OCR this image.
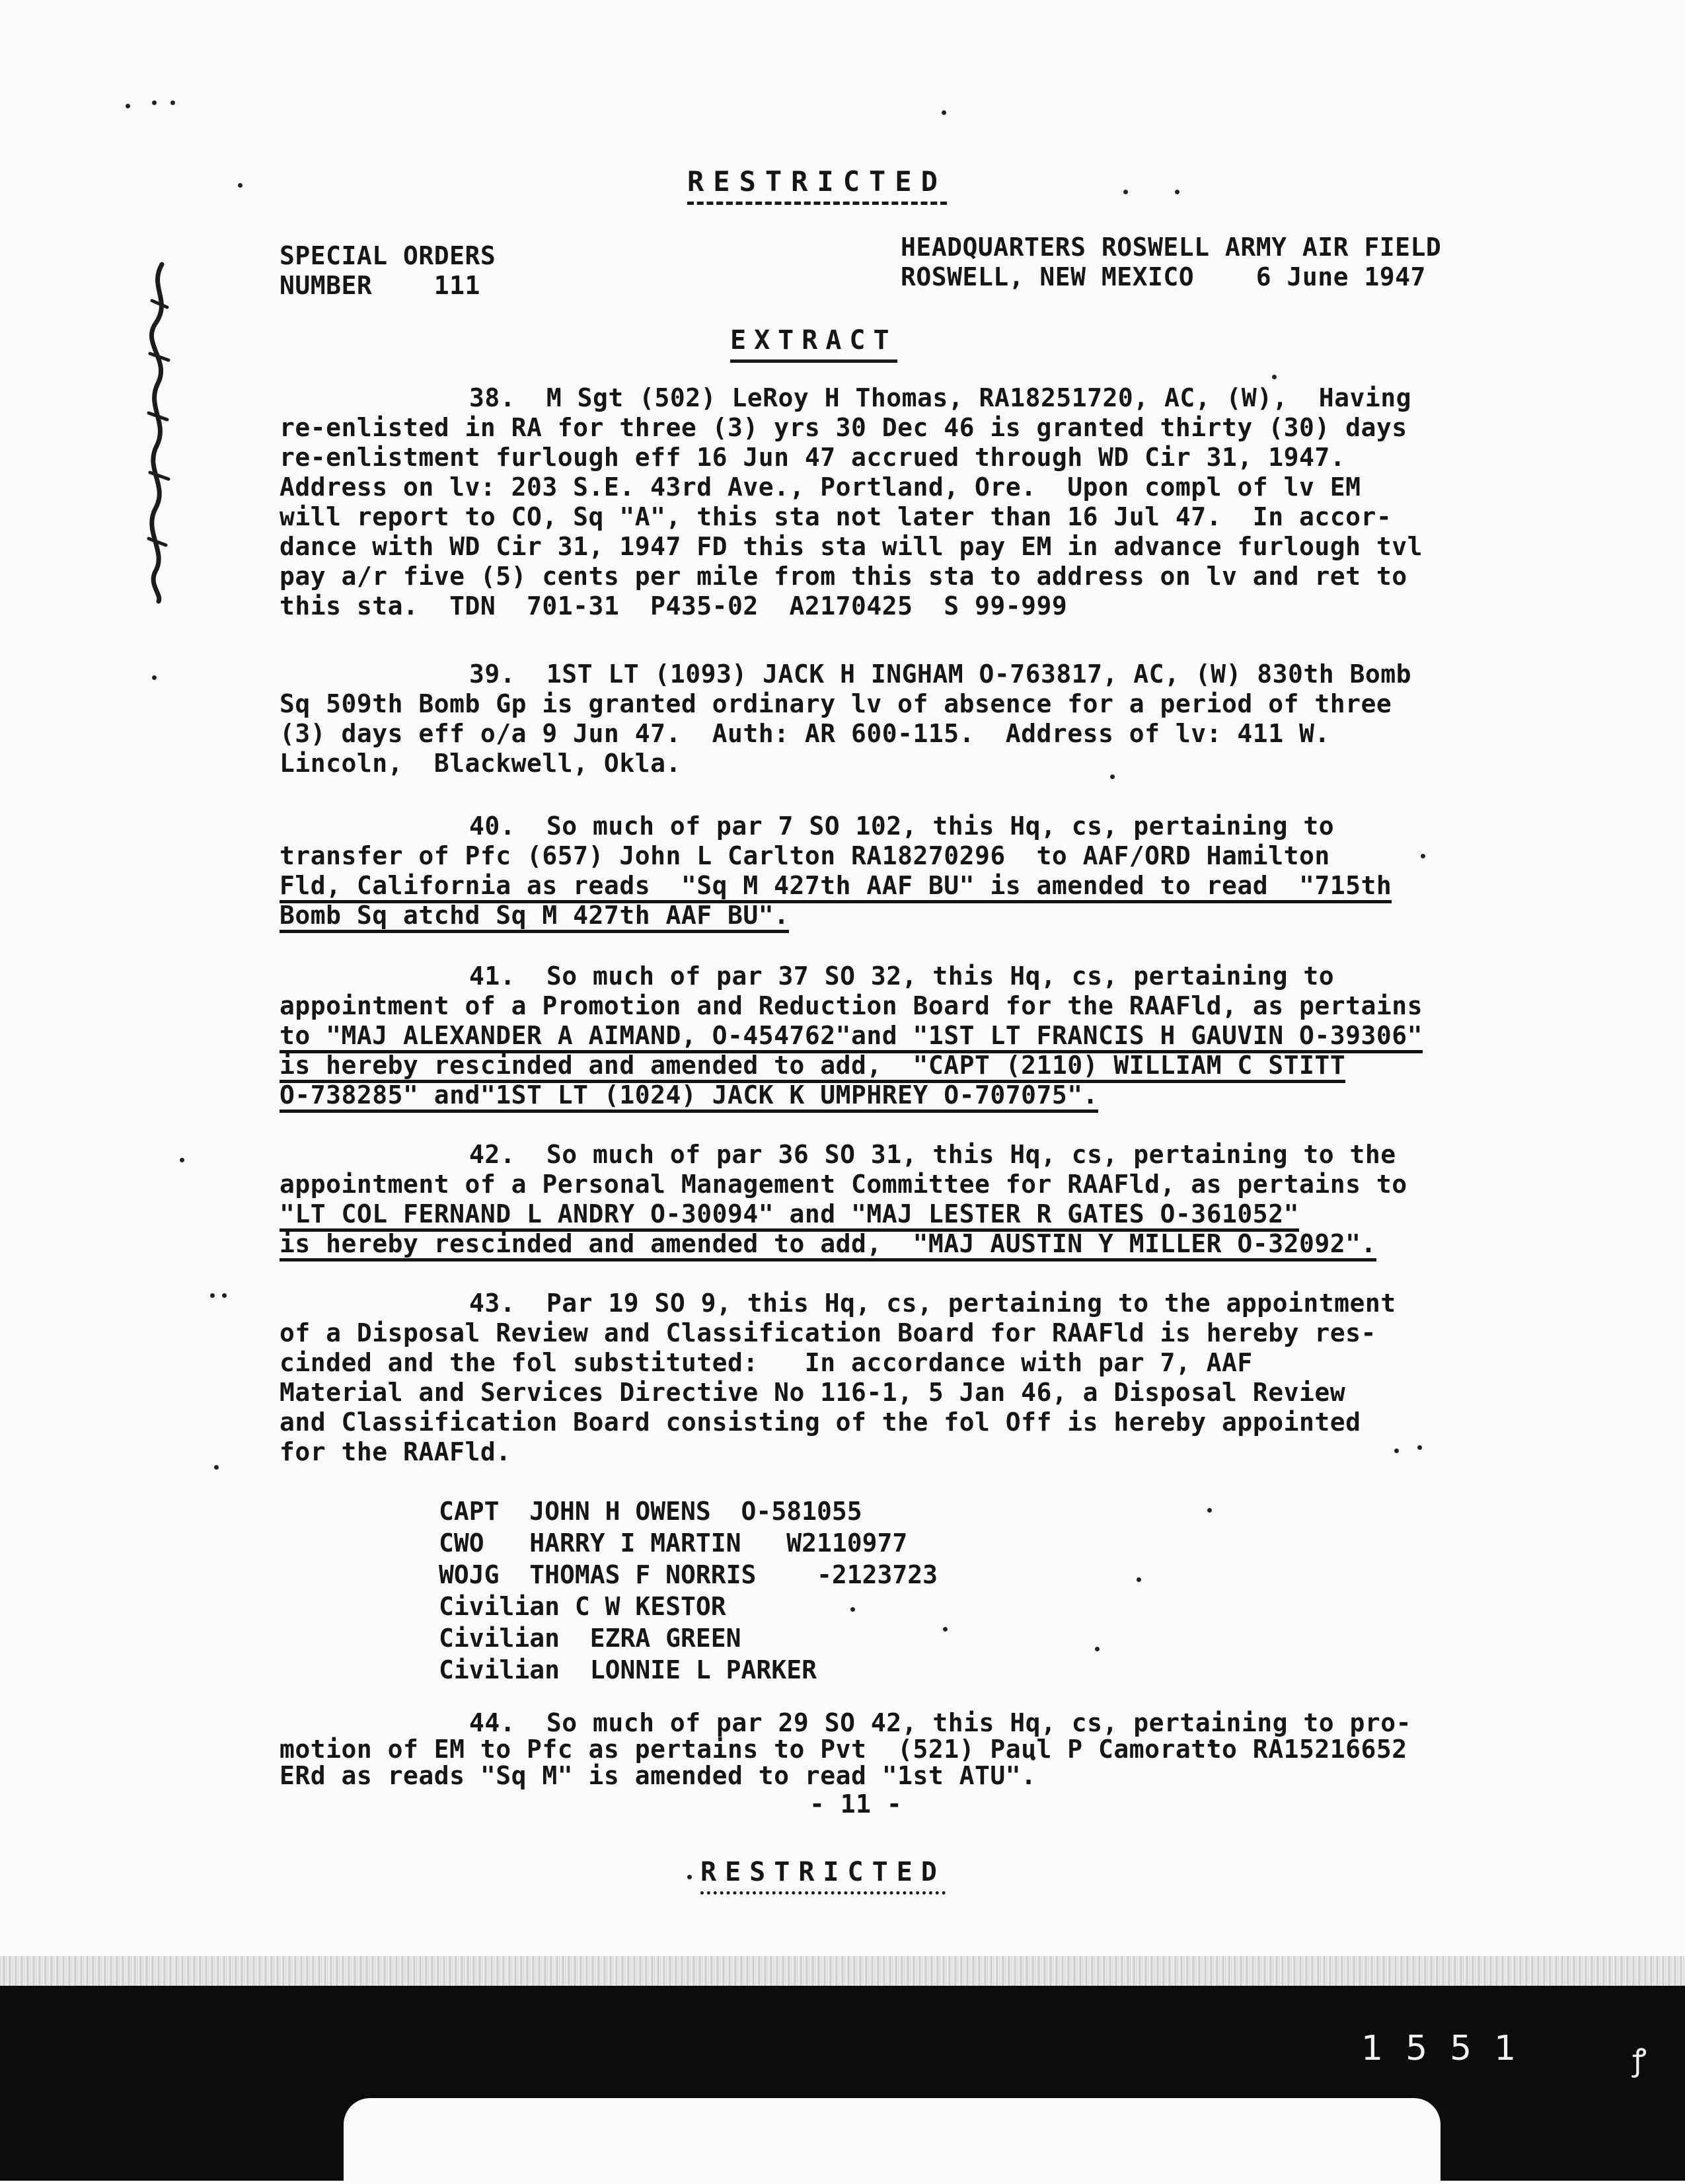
RESTRICTED
SPECIAL ORDERS
NUMBER    111
HEADQUARTERS ROSWELL ARMY AIR FIELD
ROSWELL, NEW MEXICO    6 June 1947
EXTRACT
38.  M Sgt (502) LeRoy H Thomas, RA18251720, AC, (W),  Having
re-enlisted in RA for three (3) yrs 30 Dec 46 is granted thirty (30) days
re-enlistment furlough eff 16 Jun 47 accrued through WD Cir 31, 1947.
Address on lv: 203 S.E. 43rd Ave., Portland, Ore.  Upon compl of lv EM
will report to CO, Sq "A", this sta not later than 16 Jul 47.  In accor-
dance with WD Cir 31, 1947 FD this sta will pay EM in advance furlough tvl
pay a/r five (5) cents per mile from this sta to address on lv and ret to
this sta.  TDN  701-31  P435-02  A2170425  S 99-999
39.  1ST LT (1093) JACK H INGHAM O-763817, AC, (W) 830th Bomb
Sq 509th Bomb Gp is granted ordinary lv of absence for a period of three
(3) days eff o/a 9 Jun 47.  Auth: AR 600-115.  Address of lv: 411 W.
Lincoln,  Blackwell, Okla.
40.  So much of par 7 SO 102, this Hq, cs, pertaining to
transfer of Pfc (657) John L Carlton RA18270296  to AAF/ORD Hamilton
Fld, California as reads  "Sq M 427th AAF BU" is amended to read  "715th
Bomb Sq atchd Sq M 427th AAF BU".
41.  So much of par 37 SO 32, this Hq, cs, pertaining to
appointment of a Promotion and Reduction Board for the RAAFld, as pertains
to "MAJ ALEXANDER A AIMAND, O-454762"and "1ST LT FRANCIS H GAUVIN O-39306"
is hereby rescinded and amended to add,  "CAPT (2110) WILLIAM C STITT
O-738285" and"1ST LT (1024) JACK K UMPHREY O-707075".
42.  So much of par 36 SO 31, this Hq, cs, pertaining to the
appointment of a Personal Management Committee for RAAFld, as pertains to
"LT COL FERNAND L ANDRY O-30094" and "MAJ LESTER R GATES O-361052"
is hereby rescinded and amended to add,  "MAJ AUSTIN Y MILLER O-32092".
43.  Par 19 SO 9, this Hq, cs, pertaining to the appointment
of a Disposal Review and Classification Board for RAAFld is hereby res-
cinded and the fol substituted:   In accordance with par 7, AAF
Material and Services Directive No 116-1, 5 Jan 46, a Disposal Review
and Classification Board consisting of the fol Off is hereby appointed
for the RAAFld.
CAPT  JOHN H OWENS  O-581055
CWO   HARRY I MARTIN   W2110977
WOJG  THOMAS F NORRIS    -2123723
Civilian C W KESTOR
Civilian  EZRA GREEN
Civilian  LONNIE L PARKER
44.  So much of par 29 SO 42, this Hq, cs, pertaining to pro-
motion of EM to Pfc as pertains to Pvt  (521) Paul P Camoratto RA15216652
ERd as reads "Sq M" is amended to read "1st ATU".
- 11 -
RESTRICTED
1551	ꝭ
